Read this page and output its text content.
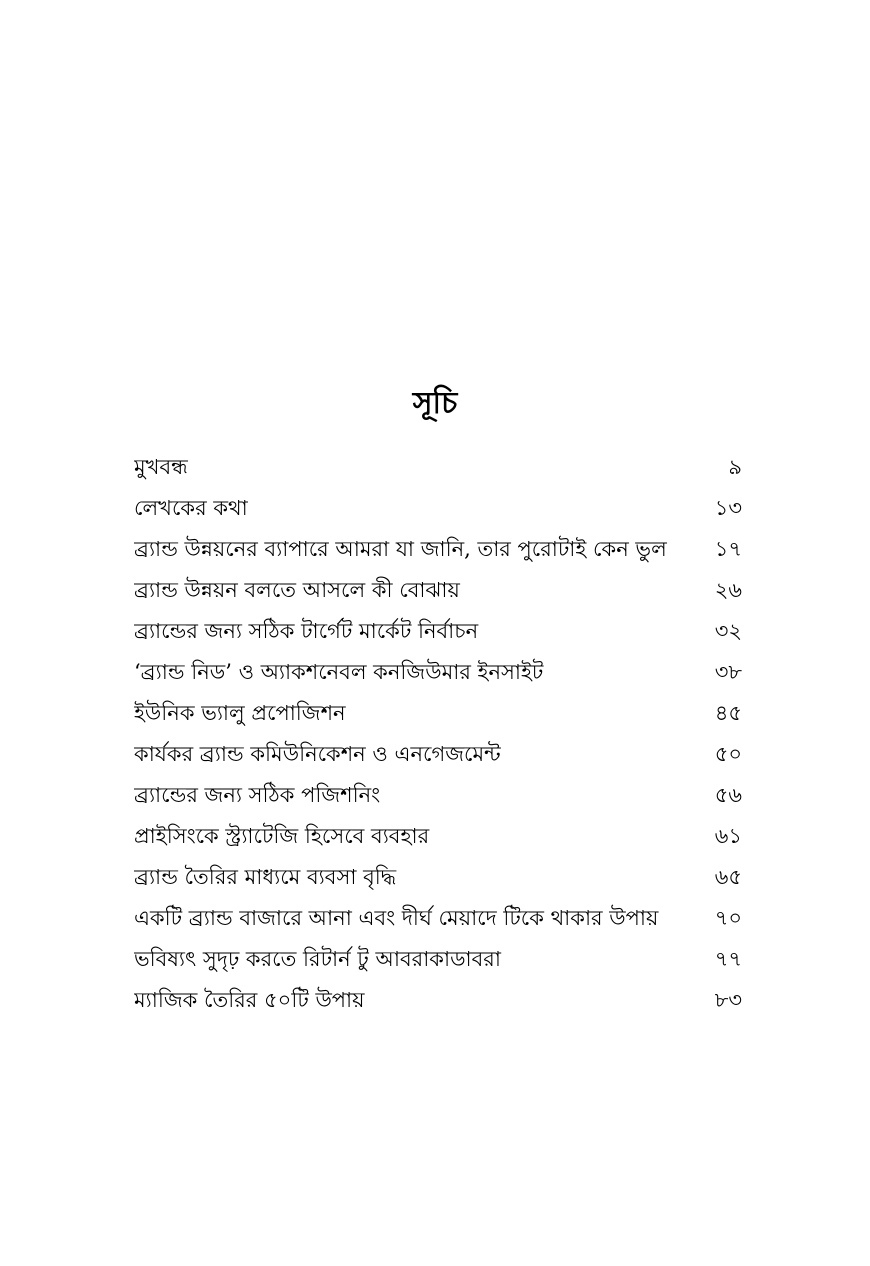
সূচি
মুখবন্ধ	৯
লেখকের কথা	১৩
ব্র্যান্ড উন্নয়নের ব্যাপারে আমরা যা জানি, তার পুরোটাই কেন ভুল	১৭
ব্র্যান্ড উন্নয়ন বলতে আসলে কী বোঝায়	২৬
ব্র্যান্ডের জন্য সঠিক টার্গেট মার্কেট নির্বাচন	৩২
‘ব্র্যান্ড নিড’ ও অ্যাকশনেবল কনজিউমার ইনসাইট	৩৮
ইউনিক ভ্যালু প্রপোজিশন	৪৫
কার্যকর ব্র্যান্ড কমিউনিকেশন ও এনগেজমেন্ট	৫০
ব্র্যান্ডের জন্য সঠিক পজিশনিং	৫৬
প্রাইসিংকে স্ট্র্যাটেজি হিসেবে ব্যবহার	৬১
ব্র্যান্ড তৈরির মাধ্যমে ব্যবসা বৃদ্ধি	৬৫
একটি ব্র্যান্ড বাজারে আনা এবং দীর্ঘ মেয়াদে টিকে থাকার উপায়	৭০
ভবিষ্যৎ সুদৃঢ় করতে রিটার্ন টু আবরাকাডাবরা	৭৭
ম্যাজিক তৈরির ৫০টি উপায়	৮৩
